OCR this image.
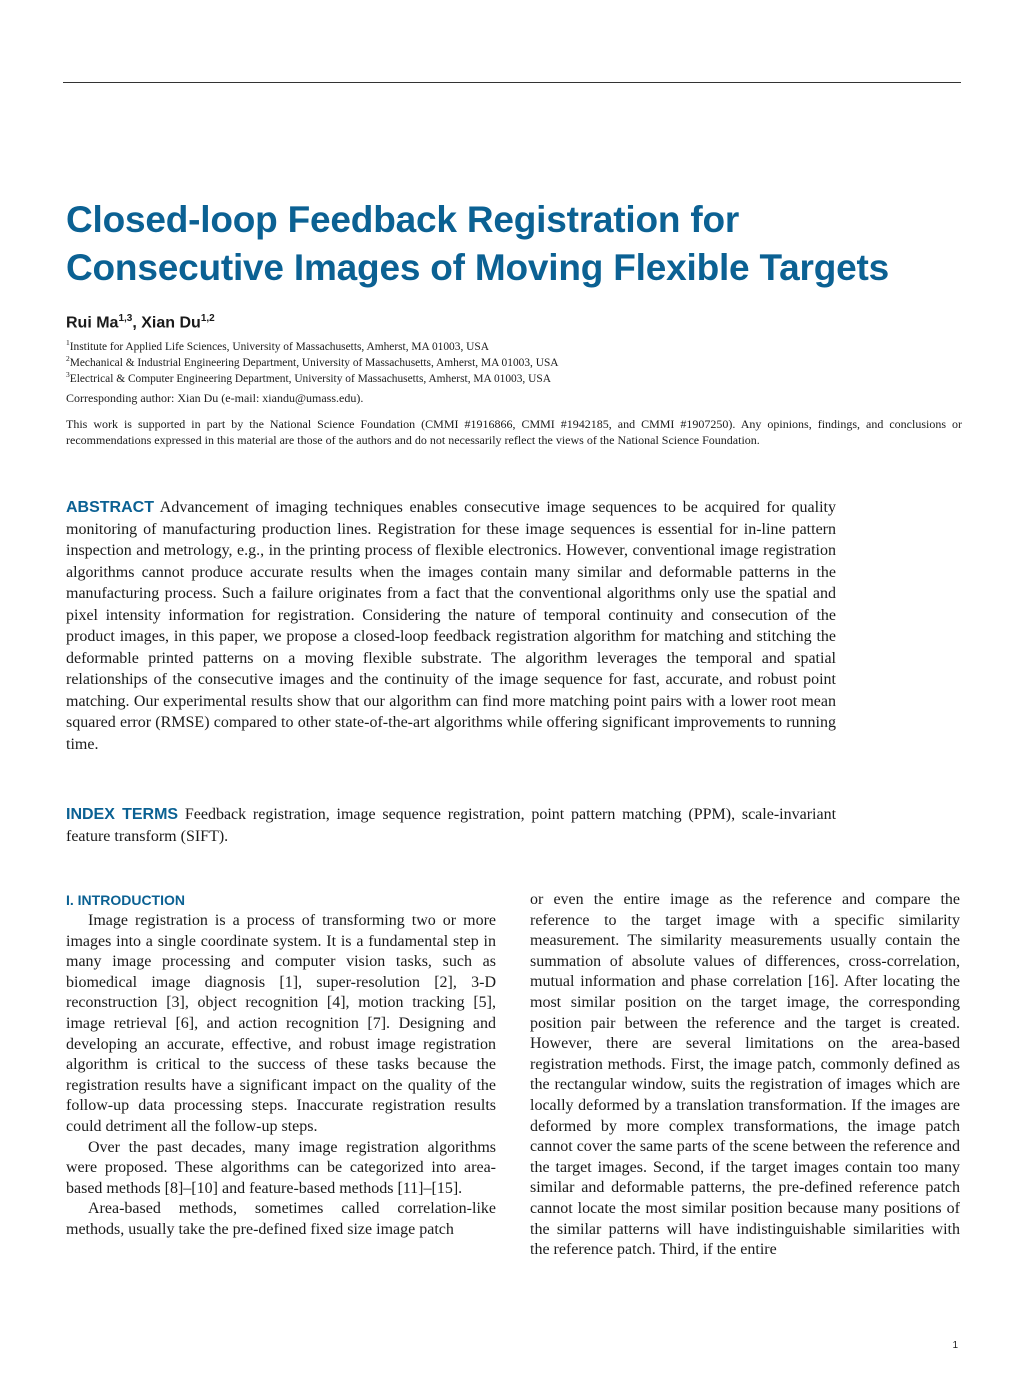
Closed-loop Feedback Registration for
Consecutive Images of Moving Flexible Targets
Rui Ma$^{1,3}$, Xian Du$^{1,2}$
$^1$Institute for Applied Life Sciences, University of Massachusetts, Amherst, MA 01003, USA
$^2$Mechanical & Industrial Engineering Department, University of Massachusetts, Amherst, MA 01003, USA
$^3$Electrical & Computer Engineering Department, University of Massachusetts, Amherst, MA 01003, USA
Corresponding author: Xian Du (e-mail: xiandu@umass.edu).
This work is supported in part by the National Science Foundation (CMMI #1916866, CMMI #1942185, and CMMI #1907250). Any opinions, findings, and conclusions or recommendations expressed in this material are those of the authors and do not necessarily reflect the views of the National Science Foundation.
ABSTRACT Advancement of imaging techniques enables consecutive image sequences to be acquired for quality monitoring of manufacturing production lines. Registration for these image sequences is essential for in-line pattern inspection and metrology, e.g., in the printing process of flexible electronics. However, conventional image registration algorithms cannot produce accurate results when the images contain many similar and deformable patterns in the manufacturing process. Such a failure originates from a fact that the conventional algorithms only use the spatial and pixel intensity information for registration. Considering the nature of temporal continuity and consecution of the product images, in this paper, we propose a closed-loop feedback registration algorithm for matching and stitching the deformable printed patterns on a moving flexible substrate. The algorithm leverages the temporal and spatial relationships of the consecutive images and the continuity of the image sequence for fast, accurate, and robust point matching. Our experimental results show that our algorithm can find more matching point pairs with a lower root mean squared error (RMSE) compared to other state-of-the-art algorithms while offering significant improvements to running time.
INDEX TERMS Feedback registration, image sequence registration, point pattern matching (PPM), scale-invariant feature transform (SIFT).
I. INTRODUCTION

Image registration is a process of transforming two or more images into a single coordinate system. It is a fundamental step in many image processing and computer vision tasks, such as biomedical image diagnosis [1], super-resolution [2], 3-D reconstruction [3], object recognition [4], motion tracking [5], image retrieval [6], and action recognition [7]. Designing and developing an accurate, effective, and robust image registration algorithm is critical to the success of these tasks because the registration results have a significant impact on the quality of the follow-up data processing steps. Inaccurate registration results could detriment all the follow-up steps.

Over the past decades, many image registration algorithms were proposed. These algorithms can be categorized into area-based methods [8]–[10] and feature-based methods [11]–[15].

Area-based methods, sometimes called correlation-like methods, usually take the pre-defined fixed size image patch

or even the entire image as the reference and compare the reference to the target image with a specific similarity measurement. The similarity measurements usually contain the summation of absolute values of differences, cross-correlation, mutual information and phase correlation [16]. After locating the most similar position on the target image, the corresponding position pair between the reference and the target is created. However, there are several limitations on the area-based registration methods. First, the image patch, commonly defined as the rectangular window, suits the registration of images which are locally deformed by a translation transformation. If the images are deformed by more complex transformations, the image patch cannot cover the same parts of the scene between the reference and the target images. Second, if the target images contain too many similar and deformable patterns, the pre-defined reference patch cannot locate the most similar position because many positions of the similar patterns will have indistinguishable similarities with the reference patch. Third, if the entire

1
